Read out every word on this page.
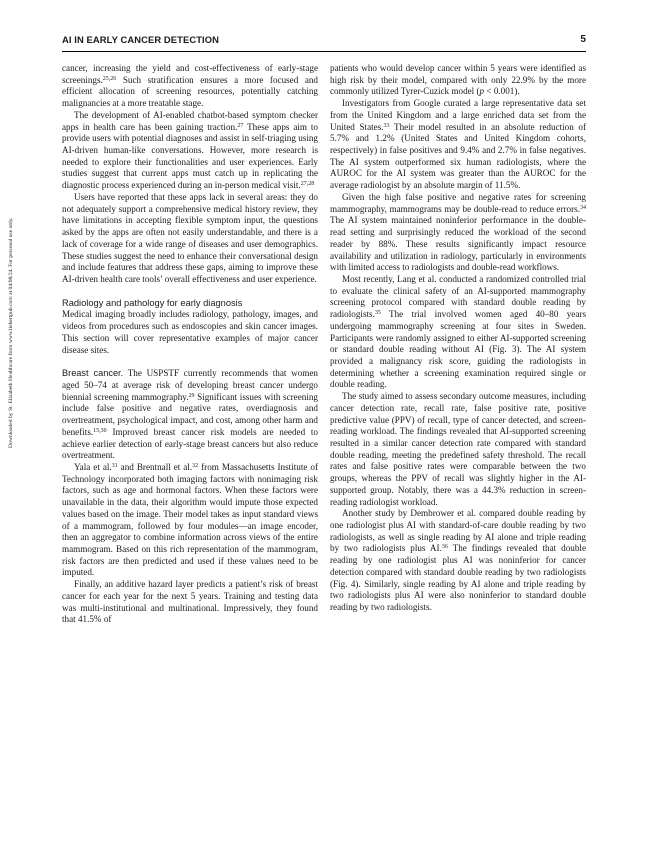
AI IN EARLY CANCER DETECTION	5
Downloaded by St. Elizabeth Healthcare from www.liebertpub.com at 04/08/24. For personal use only.

cancer, increasing the yield and cost-effectiveness of early-stage screenings.$^{25,26}$ Such stratification ensures a more focused and efficient allocation of screening resources, potentially catching malignancies at a more treatable stage.

The development of AI-enabled chatbot-based symptom checker apps in health care has been gaining traction.$^{27}$ These apps aim to provide users with potential diagnoses and assist in self-triaging using AI-driven human-like conversations. However, more research is needed to explore their functionalities and user experiences. Early studies suggest that current apps must catch up in replicating the diagnostic process experienced during an in-person medical visit.$^{27,28}$

Users have reported that these apps lack in several areas: they do not adequately support a comprehensive medical history review, they have limitations in accepting flexible symptom input, the questions asked by the apps are often not easily understandable, and there is a lack of coverage for a wide range of diseases and user demographics. These studies suggest the need to enhance their conversational design and include features that address these gaps, aiming to improve these AI-driven health care tools’ overall effectiveness and user experience.

Radiology and pathology for early diagnosis

Medical imaging broadly includes radiology, pathology, images, and videos from procedures such as endoscopies and skin cancer images. This section will cover representative examples of major cancer disease sites.

Breast cancer. The USPSTF currently recommends that women aged 50–74 at average risk of developing breast cancer undergo biennial screening mammography.$^{29}$ Significant issues with screening include false positive and negative rates, overdiagnosis and overtreatment, psychological impact, and cost, among other harm and benefits.$^{15,30}$ Improved breast cancer risk models are needed to achieve earlier detection of early-stage breast cancers but also reduce overtreatment.

Yala et al.$^{31}$ and Brentnall et al.$^{32}$ from Massachusetts Institute of Technology incorporated both imaging factors with nonimaging risk factors, such as age and hormonal factors. When these factors were unavailable in the data, their algorithm would impute those expected values based on the image. Their model takes as input standard views of a mammogram, followed by four modules—an image encoder, then an aggregator to combine information across views of the entire mammogram. Based on this rich representation of the mammogram, risk factors are then predicted and used if these values need to be imputed.

Finally, an additive hazard layer predicts a patient’s risk of breast cancer for each year for the next 5 years. Training and testing data was multi-institutional and multinational. Impressively, they found that 41.5% of

patients who would develop cancer within 5 years were identified as high risk by their model, compared with only 22.9% by the more commonly utilized Tyrer-Cuzick model (p < 0.001).

Investigators from Google curated a large representative data set from the United Kingdom and a large enriched data set from the United States.$^{33}$ Their model resulted in an absolute reduction of 5.7% and 1.2% (United States and United Kingdom cohorts, respectively) in false positives and 9.4% and 2.7% in false negatives. The AI system outperformed six human radiologists, where the AUROC for the AI system was greater than the AUROC for the average radiologist by an absolute margin of 11.5%.

Given the high false positive and negative rates for screening mammography, mammograms may be double-read to reduce errors.$^{34}$ The AI system maintained noninferior performance in the double-read setting and surprisingly reduced the workload of the second reader by 88%. These results significantly impact resource availability and utilization in radiology, particularly in environments with limited access to radiologists and double-read workflows.

Most recently, Lang et al. conducted a randomized controlled trial to evaluate the clinical safety of an AI-supported mammography screening protocol compared with standard double reading by radiologists.$^{35}$ The trial involved women aged 40–80 years undergoing mammography screening at four sites in Sweden. Participants were randomly assigned to either AI-supported screening or standard double reading without AI (Fig. 3). The AI system provided a malignancy risk score, guiding the radiologists in determining whether a screening examination required single or double reading.

The study aimed to assess secondary outcome measures, including cancer detection rate, recall rate, false positive rate, positive predictive value (PPV) of recall, type of cancer detected, and screen-reading workload. The findings revealed that AI-supported screening resulted in a similar cancer detection rate compared with standard double reading, meeting the predefined safety threshold. The recall rates and false positive rates were comparable between the two groups, whereas the PPV of recall was slightly higher in the AI-supported group. Notably, there was a 44.3% reduction in screen-reading radiologist workload.

Another study by Dembrower et al. compared double reading by one radiologist plus AI with standard-of-care double reading by two radiologists, as well as single reading by AI alone and triple reading by two radiologists plus AI.$^{36}$ The findings revealed that double reading by one radiologist plus AI was noninferior for cancer detection compared with standard double reading by two radiologists (Fig. 4). Similarly, single reading by AI alone and triple reading by two radiologists plus AI were also noninferior to standard double reading by two radiologists.
